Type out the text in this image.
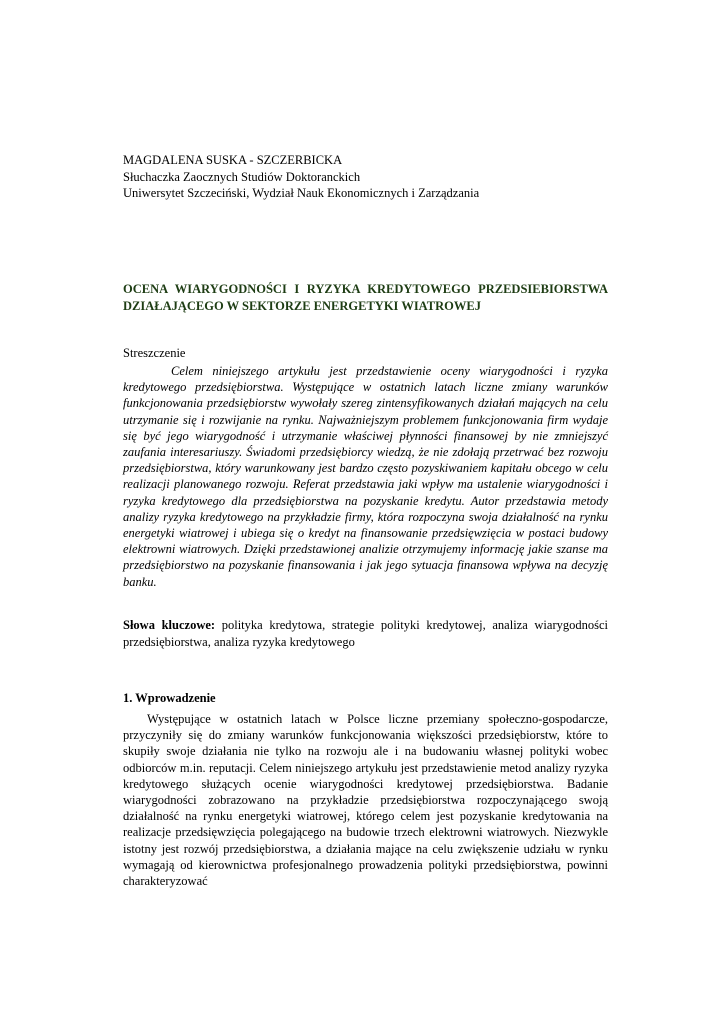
MAGDALENA SUSKA - SZCZERBICKA
Słuchaczka Zaocznych Studiów Doktoranckich
Uniwersytet Szczeciński, Wydział Nauk Ekonomicznych i Zarządzania
OCENA WIARYGODNOŚCI I RYZYKA KREDYTOWEGO PRZEDSIEBIORSTWA DZIAŁAJĄCEGO W SEKTORZE ENERGETYKI WIATROWEJ
Streszczenie

Celem niniejszego artykułu jest przedstawienie oceny wiarygodności i ryzyka kredytowego przedsiębiorstwa. Występujące w ostatnich latach liczne zmiany warunków funkcjonowania przedsiębiorstw wywołały szereg zintensyfikowanych działań mających na celu utrzymanie się i rozwijanie na rynku. Najważniejszym problemem funkcjonowania firm wydaje się być jego wiarygodność i utrzymanie właściwej płynności finansowej by nie zmniejszyć zaufania interesariuszy. Świadomi przedsiębiorcy wiedzą, że nie zdołają przetrwać bez rozwoju przedsiębiorstwa, który warunkowany jest bardzo często pozyskiwaniem kapitału obcego w celu realizacji planowanego rozwoju. Referat przedstawia jaki wpływ ma ustalenie wiarygodności i ryzyka kredytowego dla przedsiębiorstwa na pozyskanie kredytu. Autor przedstawia metody analizy ryzyka kredytowego na przykładzie firmy, która rozpoczyna swoja działalność na rynku energetyki wiatrowej i ubiega się o kredyt na finansowanie przedsięwzięcia w postaci budowy elektrowni wiatrowych. Dzięki przedstawionej analizie otrzymujemy informację jakie szanse ma przedsiębiorstwo na pozyskanie finansowania i jak jego sytuacja finansowa wpływa na decyzję banku.

Słowa kluczowe: polityka kredytowa, strategie polityki kredytowej, analiza wiarygodności przedsiębiorstwa, analiza ryzyka kredytowego

1. Wprowadzenie

Występujące w ostatnich latach w Polsce liczne przemiany społeczno-gospodarcze, przyczyniły się do zmiany warunków funkcjonowania większości przedsiębiorstw, które to skupiły swoje działania nie tylko na rozwoju ale i na budowaniu własnej polityki wobec odbiorców m.in. reputacji. Celem niniejszego artykułu jest przedstawienie metod analizy ryzyka kredytowego służących ocenie wiarygodności kredytowej przedsiębiorstwa. Badanie wiarygodności zobrazowano na przykładzie przedsiębiorstwa rozpoczynającego swoją działalność na rynku energetyki wiatrowej, którego celem jest pozyskanie kredytowania na realizacje przedsięwzięcia polegającego na budowie trzech elektrowni wiatrowych. Niezwykle istotny jest rozwój przedsiębiorstwa, a działania mające na celu zwiększenie udziału w rynku wymagają od kierownictwa profesjonalnego prowadzenia polityki przedsiębiorstwa, powinni charakteryzować
